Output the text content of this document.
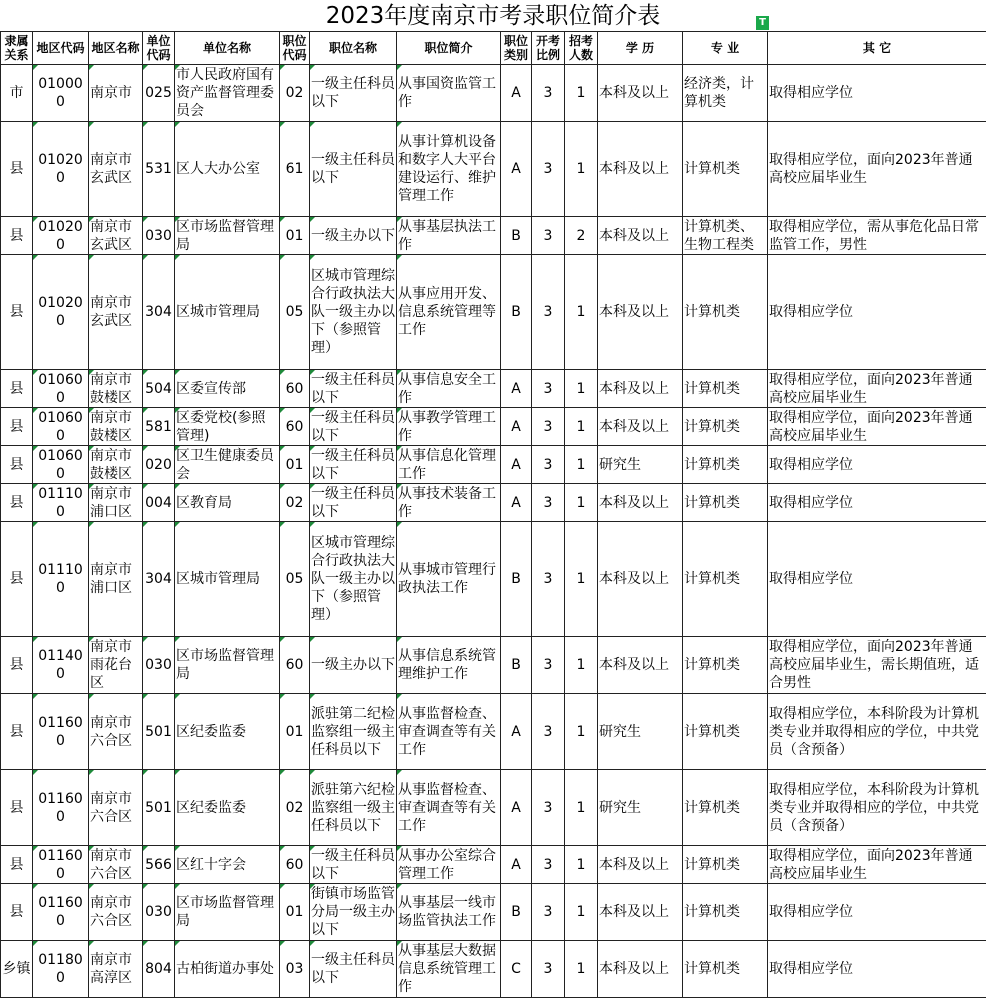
2023年度南京市考录职位简介表	T
隶属关系	地区代码	地区名称	单位代码	单位名称	职位代码	职位名称	职位简介	职位类别	开考比例	招考人数	学 历	专 业	其 它
市	010000	南京市	025	市人民政府国有资产监督管理委员会	02	一级主任科员以下	从事国资监管工作	A	3	1	本科及以上	经济类，计算机类	取得相应学位
县	010200	南京市玄武区	531	区人大办公室	61	一级主任科员以下	从事计算机设备和数字人大平台建设运行、维护管理工作	A	3	1	本科及以上	计算机类	取得相应学位，面向2023年普通高校应届毕业生
县	010200	南京市玄武区	030	区市场监督管理局	01	一级主办以下	从事基层执法工作	B	3	2	本科及以上	计算机类、生物工程类	取得相应学位，需从事危化品日常监管工作，男性
县	010200	南京市玄武区	304	区城市管理局	05	区城市管理综合行政执法大队一级主办以下（参照管理）	从事应用开发、信息系统管理等工作	B	3	1	本科及以上	计算机类	取得相应学位
县	010600	南京市鼓楼区	504	区委宣传部	60	一级主任科员以下	从事信息安全工作	A	3	1	本科及以上	计算机类	取得相应学位，面向2023年普通高校应届毕业生
县	010600	南京市鼓楼区	581	区委党校(参照管理)	60	一级主任科员以下	从事教学管理工作	A	3	1	本科及以上	计算机类	取得相应学位，面向2023年普通高校应届毕业生
县	010600	南京市鼓楼区	020	区卫生健康委员会	01	一级主任科员以下	从事信息化管理工作	A	3	1	研究生	计算机类	取得相应学位
县	011100	南京市浦口区	004	区教育局	02	一级主任科员以下	从事技术装备工作	A	3	1	本科及以上	计算机类	取得相应学位
县	011100	南京市浦口区	304	区城市管理局	05	区城市管理综合行政执法大队一级主办以下（参照管理）	从事城市管理行政执法工作	B	3	1	本科及以上	计算机类	取得相应学位
县	011400	南京市雨花台区	030	区市场监督管理局	60	一级主办以下	从事信息系统管理维护工作	B	3	1	本科及以上	计算机类	取得相应学位，面向2023年普通高校应届毕业生，需长期值班，适合男性
县	011600	南京市六合区	501	区纪委监委	01	派驻第二纪检监察组一级主任科员以下	从事监督检查、审查调查等有关工作	A	3	1	研究生	计算机类	取得相应学位，本科阶段为计算机类专业并取得相应的学位，中共党员（含预备）
县	011600	南京市六合区	501	区纪委监委	02	派驻第六纪检监察组一级主任科员以下	从事监督检查、审查调查等有关工作	A	3	1	研究生	计算机类	取得相应学位，本科阶段为计算机类专业并取得相应的学位，中共党员（含预备）
县	011600	南京市六合区	566	区红十字会	60	一级主任科员以下	从事办公室综合管理工作	A	3	1	本科及以上	计算机类	取得相应学位，面向2023年普通高校应届毕业生
县	011600	南京市六合区	030	区市场监督管理局	01	街镇市场监管分局一级主办以下	从事基层一线市场监管执法工作	B	3	1	本科及以上	计算机类	取得相应学位
乡镇	011800	南京市高淳区	804	古柏街道办事处	03	一级主任科员以下	从事基层大数据信息系统管理工作	C	3	1	本科及以上	计算机类	取得相应学位
